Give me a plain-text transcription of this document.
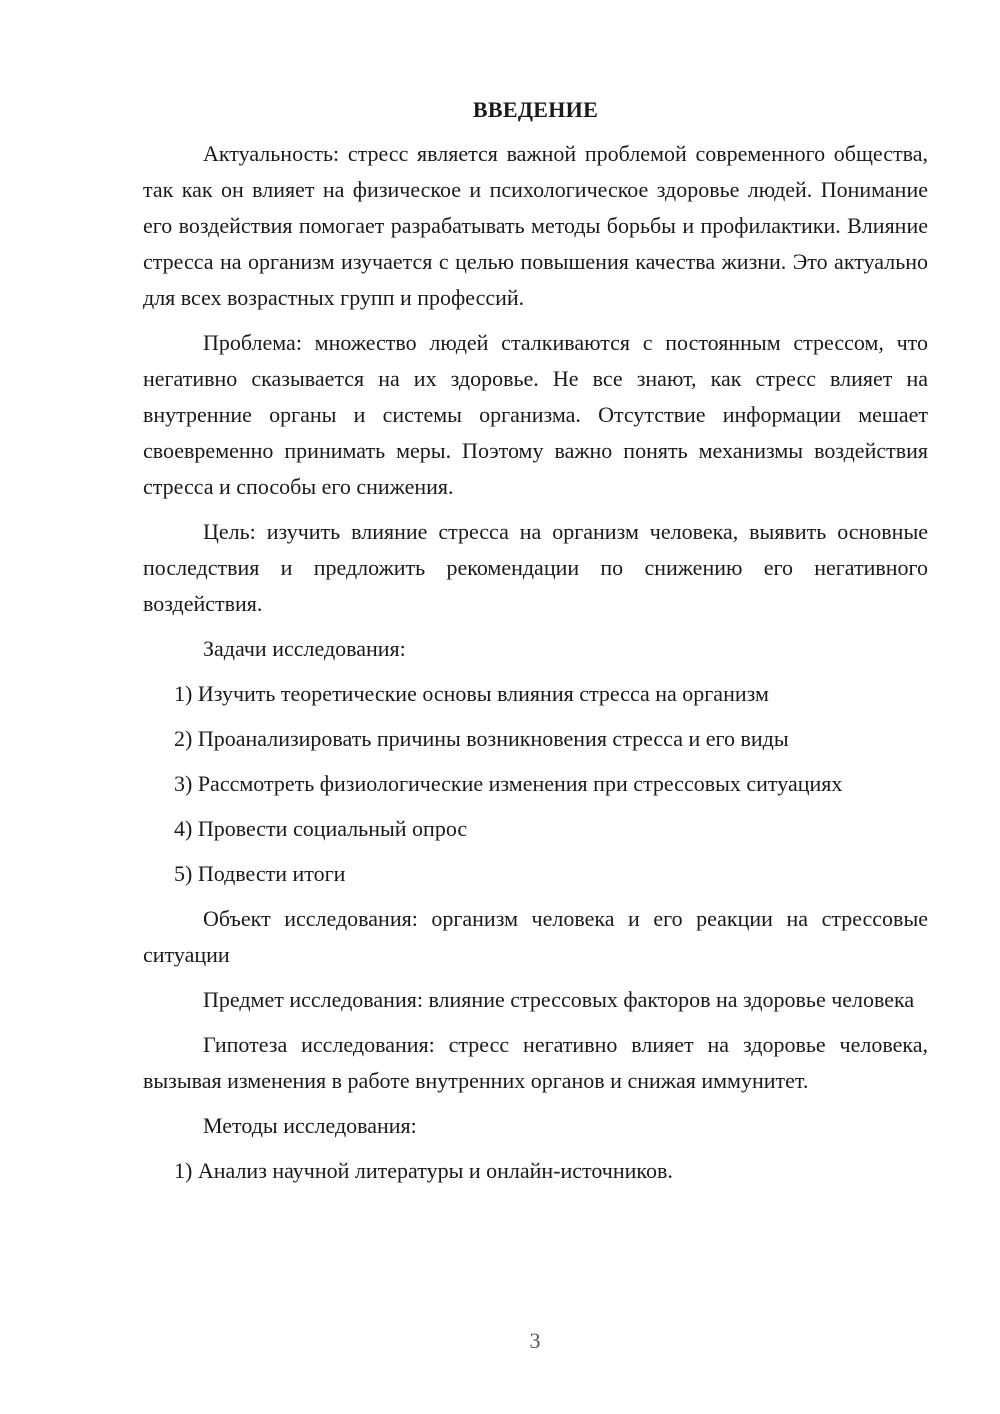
ВВЕДЕНИЕ

Актуальность: стресс является важной проблемой современного общества, так как он влияет на физическое и психологическое здоровье людей. Понимание его воздействия помогает разрабатывать методы борьбы и профилактики. Влияние стресса на организм изучается с целью повышения качества жизни. Это актуально для всех возрастных групп и профессий.

Проблема: множество людей сталкиваются с постоянным стрессом, что негативно сказывается на их здоровье. Не все знают, как стресс влияет на внутренние органы и системы организма. Отсутствие информации мешает своевременно принимать меры. Поэтому важно понять механизмы воздействия стресса и способы его снижения.

Цель: изучить влияние стресса на организм человека, выявить основные последствия и предложить рекомендации по снижению его негативного воздействия.

Задачи исследования:

1) Изучить теоретические основы влияния стресса на организм
2) Проанализировать причины возникновения стресса и его виды
3) Рассмотреть физиологические изменения при стрессовых ситуациях
4) Провести социальный опрос
5) Подвести итоги

Объект исследования: организм человека и его реакции на стрессовые ситуации

Предмет исследования: влияние стрессовых факторов на здоровье человека

Гипотеза исследования: стресс негативно влияет на здоровье человека, вызывая изменения в работе внутренних органов и снижая иммунитет.

Методы исследования:

1) Анализ научной литературы и онлайн-источников.
3
